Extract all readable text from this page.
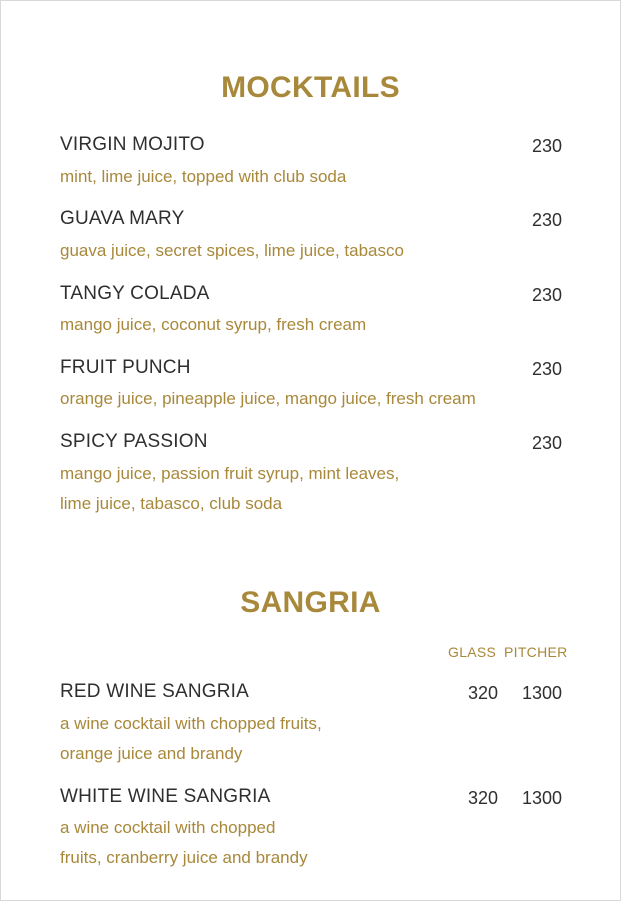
MOCKTAILS
VIRGIN MOJITO	230
mint, lime juice, topped with club soda
GUAVA MARY	230
guava juice, secret spices, lime juice, tabasco
TANGY COLADA	230
mango juice, coconut syrup, fresh cream
FRUIT PUNCH	230
orange juice, pineapple juice, mango juice, fresh cream
SPICY PASSION	230
mango juice, passion fruit syrup, mint leaves,
lime juice, tabasco, club soda
SANGRIA
GLASS PITCHER
RED WINE SANGRIA	320 1300
a wine cocktail with chopped fruits,
orange juice and brandy
WHITE WINE SANGRIA	320 1300
a wine cocktail with chopped
fruits, cranberry juice and brandy
